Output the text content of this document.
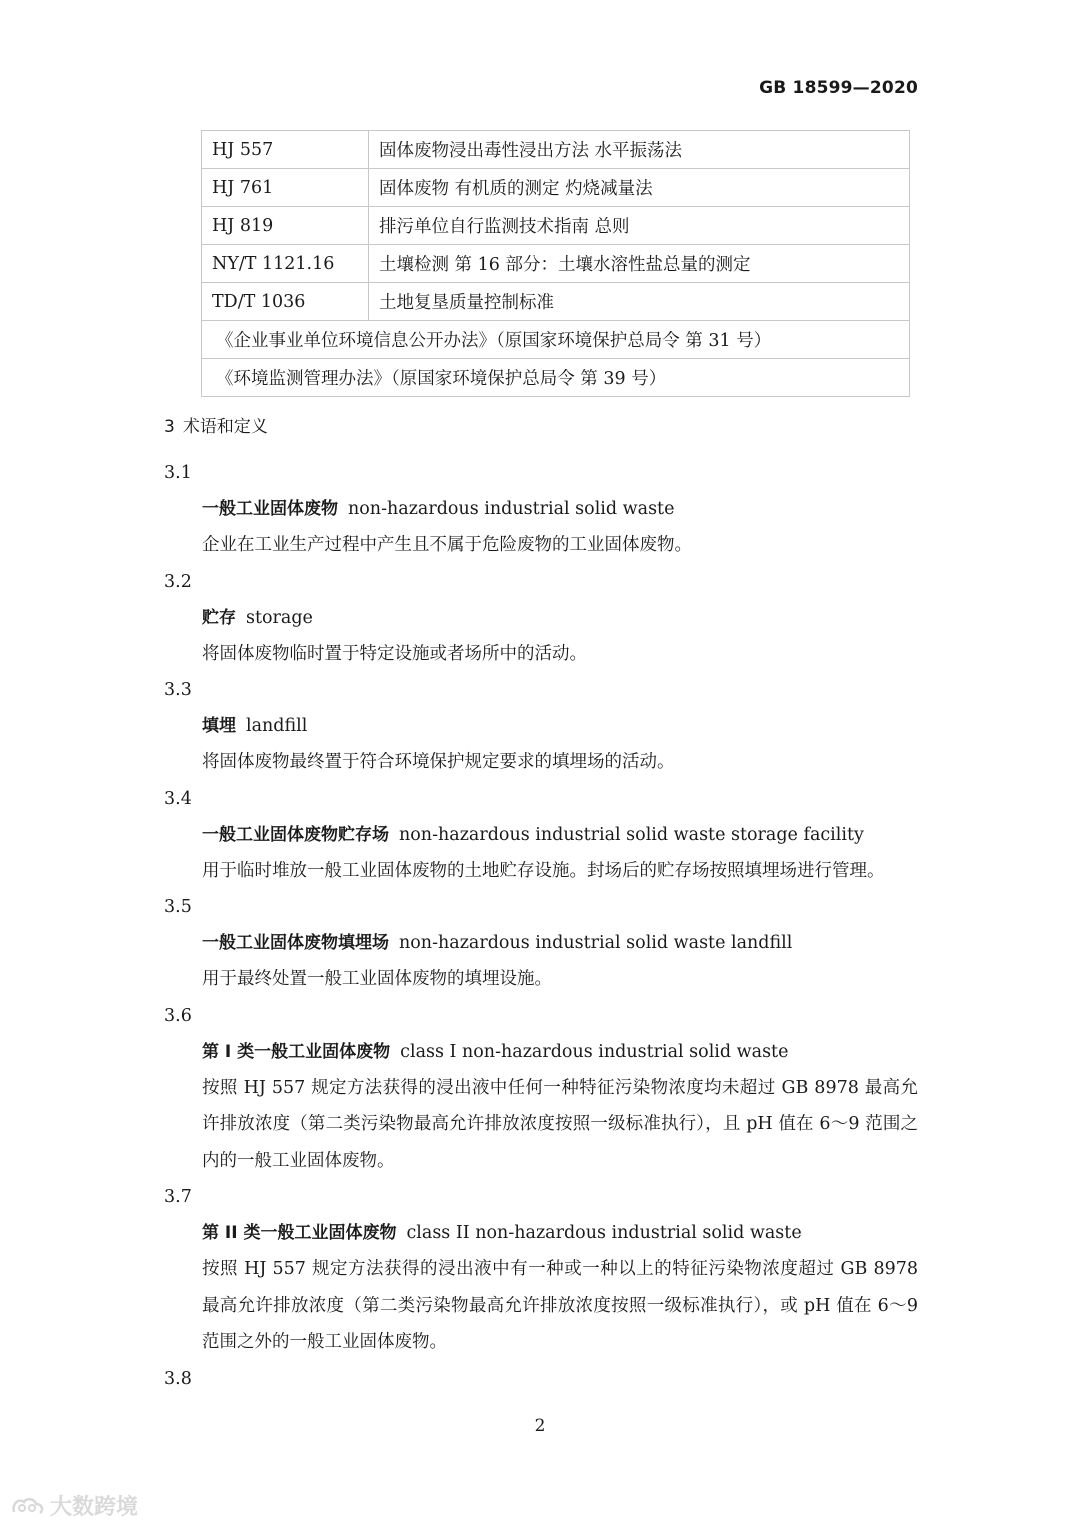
GB 18599—2020
HJ 557	固体废物浸出毒性浸出方法 水平振荡法
HJ 761	固体废物 有机质的测定 灼烧减量法
HJ 819	排污单位自行监测技术指南 总则
NY/T 1121.16	土壤检测 第 16 部分：土壤水溶性盐总量的测定
TD/T 1036	土地复垦质量控制标准
《企业事业单位环境信息公开办法》（原国家环境保护总局令 第 31 号）	
《环境监测管理办法》（原国家环境保护总局令 第 39 号）	
3 术语和定义
3.1
一般工业固体废物 non-hazardous industrial solid waste
企业在工业生产过程中产生且不属于危险废物的工业固体废物。
3.2
贮存 storage
将固体废物临时置于特定设施或者场所中的活动。
3.3
填埋 landfill
将固体废物最终置于符合环境保护规定要求的填埋场的活动。
3.4
一般工业固体废物贮存场 non-hazardous industrial solid waste storage facility
用于临时堆放一般工业固体废物的土地贮存设施。封场后的贮存场按照填埋场进行管理。
3.5
一般工业固体废物填埋场 non-hazardous industrial solid waste landfill
用于最终处置一般工业固体废物的填埋设施。
3.6
第 I 类一般工业固体废物 class I non-hazardous industrial solid waste
按照 HJ 557 规定方法获得的浸出液中任何一种特征污染物浓度均未超过 GB 8978 最高允许排放浓度（第二类污染物最高允许排放浓度按照一级标准执行），且 pH 值在 6～9 范围之内的一般工业固体废物。
3.7
第 II 类一般工业固体废物 class II non-hazardous industrial solid waste
按照 HJ 557 规定方法获得的浸出液中有一种或一种以上的特征污染物浓度超过 GB 8978 最高允许排放浓度（第二类污染物最高允许排放浓度按照一级标准执行），或 pH 值在 6～9 范围之外的一般工业固体废物。
3.8
2
大数跨境
